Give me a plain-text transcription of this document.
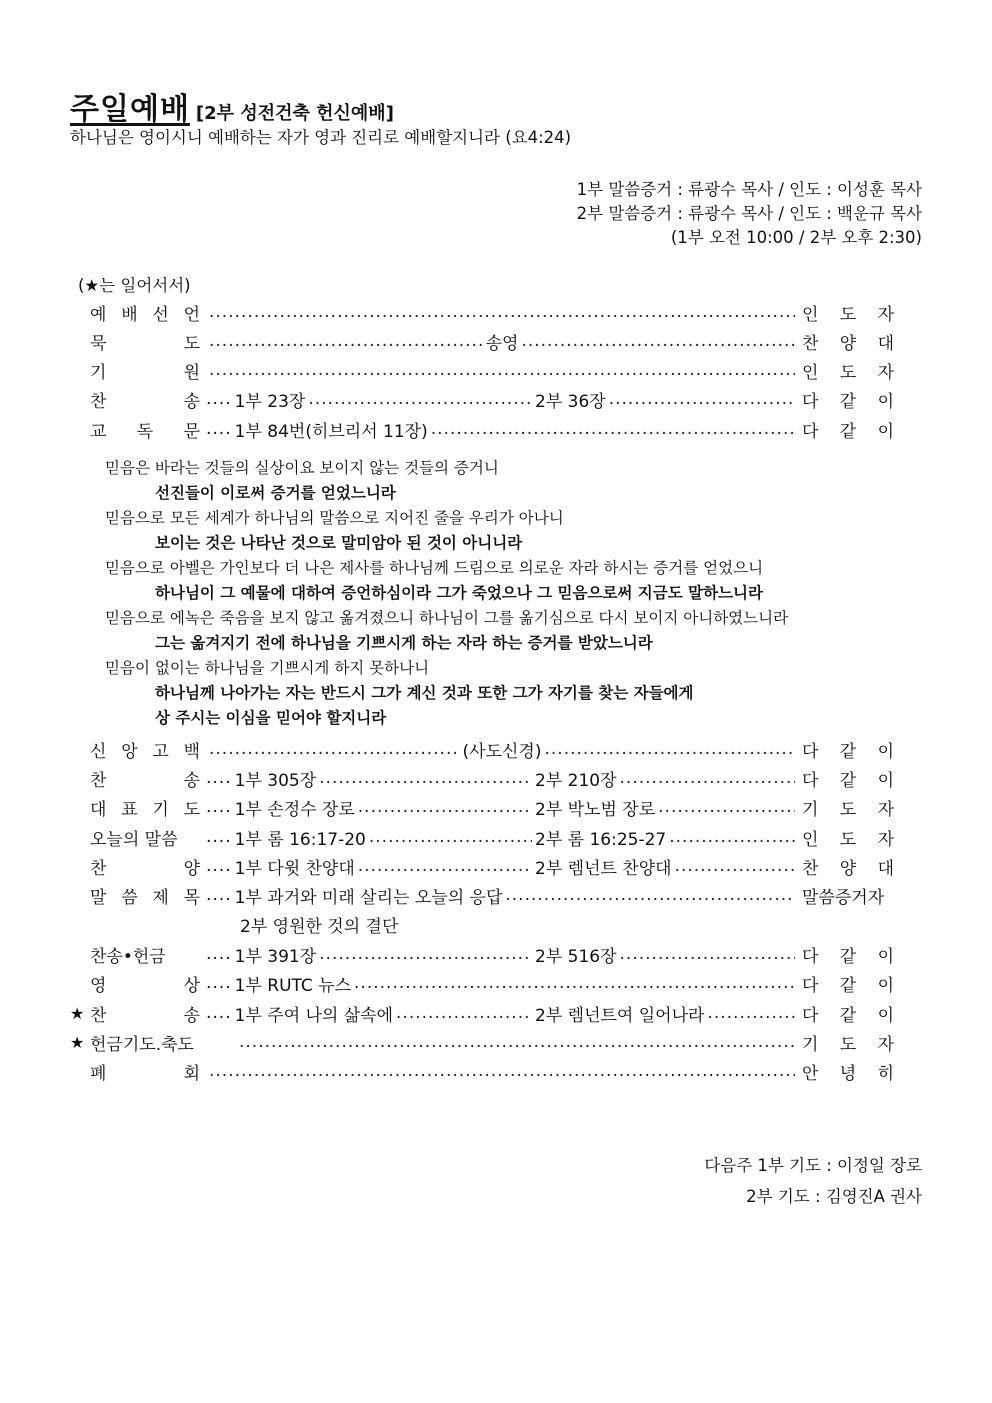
주일예배 [2부 성전건축 헌신예배]
하나님은 영이시니 예배하는 자가 영과 진리로 예배할지니라 (요4:24)
1부 말씀증거 : 류광수 목사 / 인도 : 이성훈 목사
2부 말씀증거 : 류광수 목사 / 인도 : 백운규 목사
(1부 오전 10:00 / 2부 오후 2:30)
(★는 일어서서)
예 배 선 언 .....	인 도 자
묵	도 .....	송영 .....	찬 양 대
기	원 .....	인 도 자
찬	송 .... 1부 23장 .....	2부 36장 .....	다 같 이
교 독 문 .... 1부 84번(히브리서 11장) .....	다 같 이
믿음은 바라는 것들의 실상이요 보이지 않는 것들의 증거니
선진들이 이로써 증거를 얻었느니라
믿음으로 모든 세계가 하나님의 말씀으로 지어진 줄을 우리가 아나니
보이는 것은 나타난 것으로 말미암아 된 것이 아니니라
믿음으로 아벨은 가인보다 더 나은 제사를 하나님께 드림으로 의로운 자라 하시는 증거를 얻었으니
하나님이 그 예물에 대하여 증언하심이라 그가 죽었으나 그 믿음으로써 지금도 말하느니라
믿음으로 에녹은 죽음을 보지 않고 옮겨졌으니 하나님이 그를 옮기심으로 다시 보이지 아니하였느니라
그는 옮겨지기 전에 하나님을 기쁘시게 하는 자라 하는 증거를 받았느니라
믿음이 없이는 하나님을 기쁘시게 하지 못하나니
하나님께 나아가는 자는 반드시 그가 계신 것과 또한 그가 자기를 찾는 자들에게
상 주시는 이심을 믿어야 할지니라
신 앙 고 백 .....	(사도신경) .....	다 같 이
찬	송 .... 1부 305장 .....	2부 210장 .....	다 같 이
대 표 기 도 .... 1부 손정수 장로 .....	2부 박노범 장로 .....	기 도 자
오늘의 말씀	.... 1부 롬 16:17-20 .....	2부 롬 16:25-27 .....	인 도 자
찬	양 .... 1부 다윗 찬양대 .....	2부 렘넌트 찬양대 .....	찬 양 대
말 씀 제 목 .... 1부 과거와 미래 살리는 오늘의 응답 .....	말씀증거자
2부 영원한 것의 결단
찬송•헌금	.... 1부 391장 .....	2부 516장 .....	다 같 이
영	상 .... 1부 RUTC 뉴스 .....	다 같 이
★ 찬	송 .... 1부 주여 나의 삶속에 .....	2부 렘넌트여 일어나라 .....	다 같 이
★ 헌금기도.축도 .....	기 도 자
폐	회 .....	안 녕 히
다음주 1부 기도 : 이정일 장로
2부 기도 : 김영진A 권사
